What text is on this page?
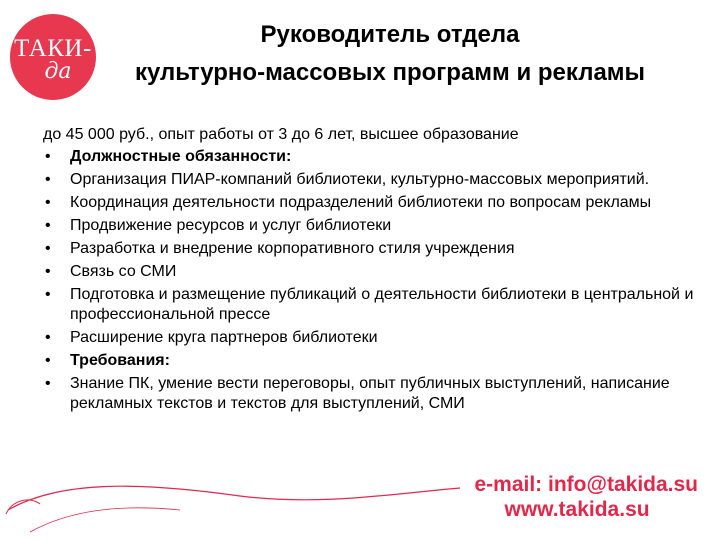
ТАКИ-
да
Руководитель отдела
культурно-массовых программ и рекламы
до 45 000 руб., опыт работы от 3 до 6 лет, высшее образование
• Должностные обязанности:
• Организация ПИАР-компаний библиотеки, культурно-массовых мероприятий.
• Координация деятельности подразделений библиотеки по вопросам рекламы
• Продвижение ресурсов и услуг библиотеки
• Разработка и внедрение корпоративного стиля учреждения
• Связь со СМИ
• Подготовка и размещение публикаций о деятельности библиотеки в центральной и профессиональной прессе
• Расширение круга партнеров библиотеки
• Требования:
• Знание ПК, умение вести переговоры, опыт публичных выступлений, написание рекламных текстов и текстов для выступлений, СМИ
e-mail: info@takida.su
www.takida.su
